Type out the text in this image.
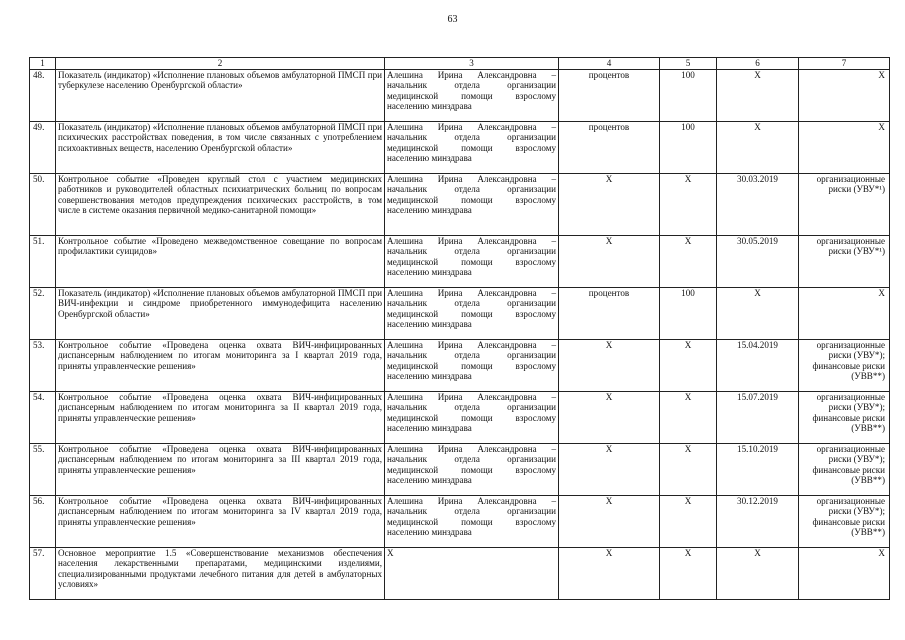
63
1	2	3	4	5	6	7
48.	Показатель (индикатор) «Исполнение плановых объемов амбулаторной ПМСП при туберкулезе населению Оренбургской области»	Алешина Ирина Александровна – начальник отдела организации медицинской помощи взрослому населению минздрава	процентов	100	Х	Х
49.	Показатель (индикатор) «Исполнение плановых объемов амбулаторной ПМСП при психических расстройствах поведения, в том числе связанных с употреблением психоактивных веществ, населению Оренбургской области»	Алешина Ирина Александровна – начальник отдела организации медицинской помощи взрослому населению минздрава	процентов	100	Х	Х
50.	Контрольное событие «Проведен круглый стол с участием медицинских работников и руководителей областных психиатрических больниц по вопросам совершенствования методов предупреждения психических расстройств, в том числе в системе оказания первичной медико-санитарной помощи»	Алешина Ирина Александровна – начальник отдела организации медицинской помощи взрослому населению минздрава	Х	Х	30.03.2019	организационные риски (УВУ*¹)
51.	Контрольное событие «Проведено межведомственное совещание по вопросам профилактики суицидов»	Алешина Ирина Александровна – начальник отдела организации медицинской помощи взрослому населению минздрава	Х	Х	30.05.2019	организационные риски (УВУ*¹)
52.	Показатель (индикатор) «Исполнение плановых объемов амбулаторной ПМСП при ВИЧ-инфекции и синдроме приобретенного иммунодефицита населению Оренбургской области»	Алешина Ирина Александровна – начальник отдела организации медицинской помощи взрослому населению минздрава	процентов	100	Х	Х
53.	Контрольное событие «Проведена оценка охвата ВИЧ-инфицированных диспансерным наблюдением по итогам мониторинга за I квартал 2019 года, приняты управленческие решения»	Алешина Ирина Александровна – начальник отдела организации медицинской помощи взрослому населению минздрава	Х	Х	15.04.2019	организационные риски (УВУ*); финансовые риски (УВВ**)
54.	Контрольное событие «Проведена оценка охвата ВИЧ-инфицированных диспансерным наблюдением по итогам мониторинга за II квартал 2019 года, приняты управленческие решения»	Алешина Ирина Александровна – начальник отдела организации медицинской помощи взрослому населению минздрава	Х	Х	15.07.2019	организационные риски (УВУ*); финансовые риски (УВВ**)
55.	Контрольное событие «Проведена оценка охвата ВИЧ-инфицированных диспансерным наблюдением по итогам мониторинга за III квартал 2019 года, приняты управленческие решения»	Алешина Ирина Александровна – начальник отдела организации медицинской помощи взрослому населению минздрава	Х	Х	15.10.2019	организационные риски (УВУ*); финансовые риски (УВВ**)
56.	Контрольное событие «Проведена оценка охвата ВИЧ-инфицированных диспансерным наблюдением по итогам мониторинга за IV квартал 2019 года, приняты управленческие решения»	Алешина Ирина Александровна – начальник отдела организации медицинской помощи взрослому населению минздрава	Х	Х	30.12.2019	организационные риски (УВУ*); финансовые риски (УВВ**)
57.	Основное мероприятие 1.5 «Совершенствование механизмов обеспечения населения лекарственными препаратами, медицинскими изделиями, специализированными продуктами лечебного питания для детей в амбулаторных условиях»	Х	Х	Х	Х	Х
